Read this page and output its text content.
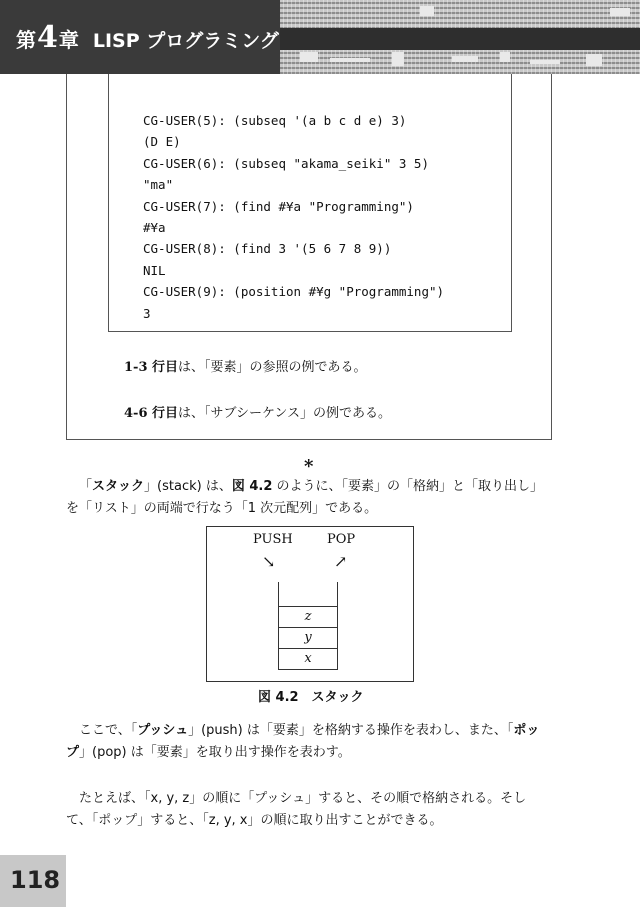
第 4 章 LISP プログラミング
CG-USER(5): (subseq '(a b c d e) 3)
(D E)
CG-USER(6): (subseq "akama_seiki" 3 5)
"ma"
CG-USER(7): (find #¥a "Programming")
#¥a
CG-USER(8): (find 3 '(5 6 7 8 9))
NIL
CG-USER(9): (position #¥g "Programming")
3
1-3 行目は、「要素」の参照の例である。
4-6 行目は、「サブシーケンス」の例である。
*

「スタック」(stack) は、図 4.2 のように、「要素」の「格納」と「取り出し」
を「リスト」の両端で行なう「1 次元配列」である。

PUSH	POP
↘	↗
z
y
x
図 4.2　スタック

ここで、「プッシュ」(push) は「要素」を格納する操作を表わし、また、「ポッ
プ」(pop) は「要素」を取り出す操作を表わす。

たとえば、「x, y, z」の順に「プッシュ」すると、その順で格納される。そし
て、「ポップ」すると、「z, y, x」の順に取り出すことができる。

118
